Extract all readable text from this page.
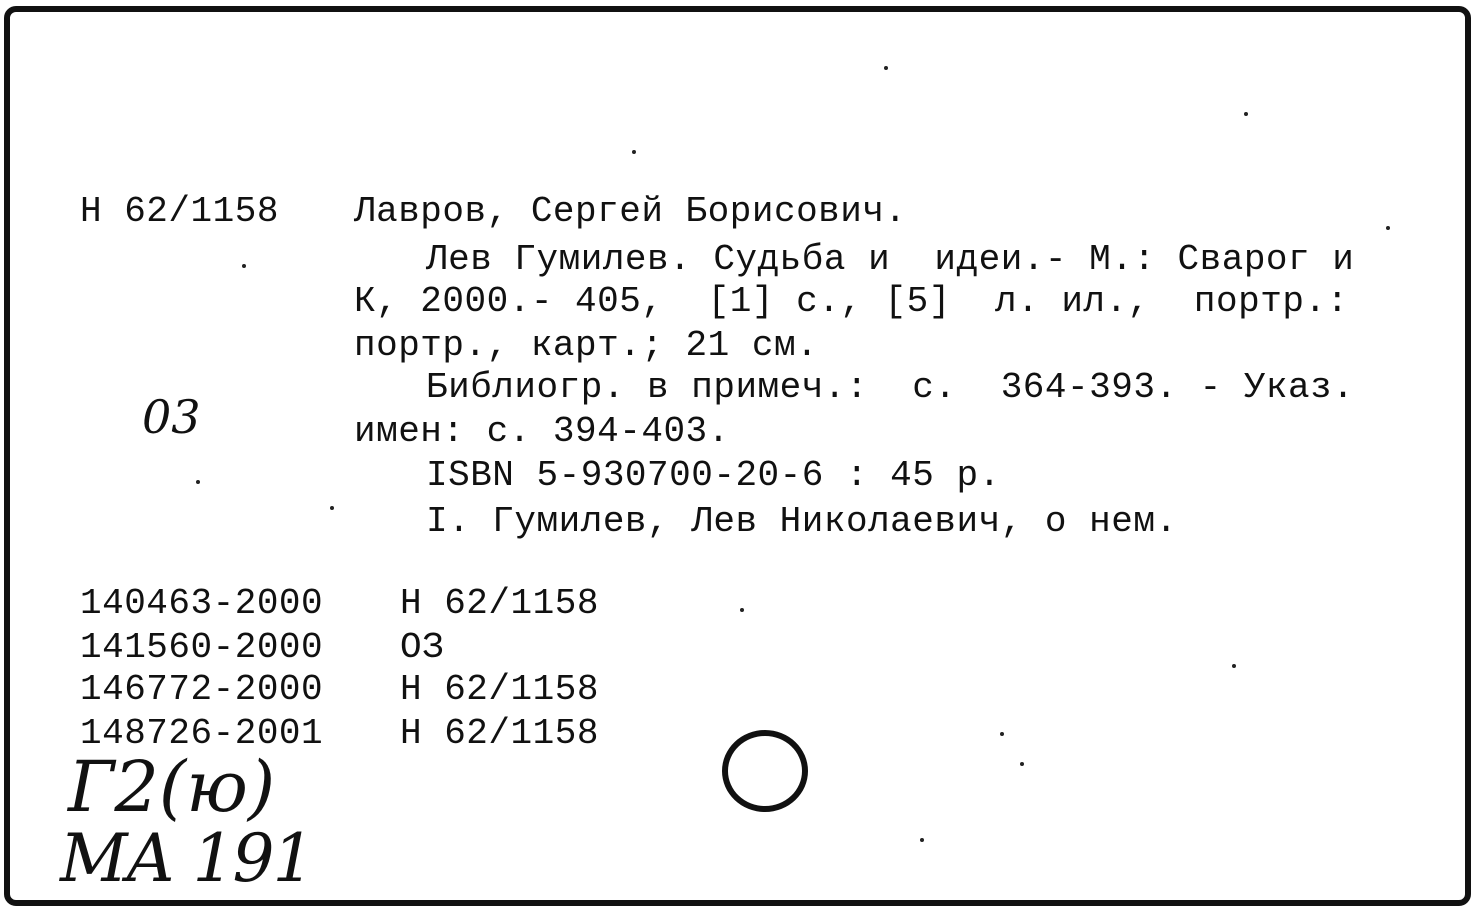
Н 62/1158 Лавров, Сергей Борисович.
Лев Гумилев. Судьба и  идеи.- М.: Сварог и
К, 2000.- 405,  [1] с., [5]  л. ил.,  портр.:
портр., карт.; 21 см.
Библиогр. в примеч.:  с.  364-393. - Указ.
имен: с. 394-403.
ISBN 5-930700-20-6 : 45 р.
I. Гумилев, Лев Николаевич, о нем.
03
140463-2000 Н 62/1158
141560-2000 ОЗ
146772-2000 Н 62/1158
148726-2001 Н 62/1158
Г2(ю)
МА 191
